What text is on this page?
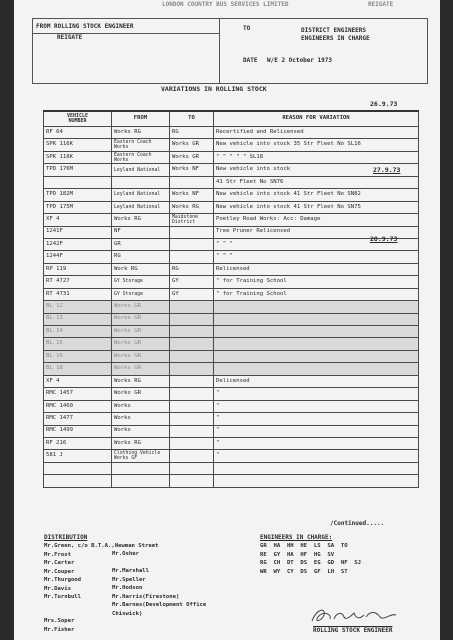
LONDON COUNTRY BUS SERVICES LIMITED	REIGATE
FROM ROLLING STOCK ENGINEER
REIGATE
TO	DISTRICT ENGINEERS
ENGINEERS IN CHARGE
DATE W/E 2 October 1973
VARIATIONS IN ROLLING STOCK
26.9.73
VEHICLE
NUMBER	FROM	TO	REASON FOR VARIATION
RF 64	Works RG	RG	Recertified and Relicensed
SPK 116K	Eastern Coach Works	Works GR	New vehicle into stock 35 Str Fleet No SL16
SPK 118K	Eastern Coach Works	Works GR	" " " " " SL18
TPD 176M	Leyland National	Works NF	New vehicle into stock
			41 Str Fleet No SN76
TPD 182M	Leyland National	Works NF	New vehicle into stock 41 Str Fleet No SN82
TPD 175M	Leyland National	Works RG	New vehicle into stock 41 Str Fleet No SN75
XF 4	Works RG	Maidstone District	Poetley Road Works: Acc: Damage
1241F	NF		Tree Pruner Relicensed
1242F	GR		" " "
1244F	RG		" " "
RP 119	Work RG	RG	Relicensed
RT 4727	GY Storage	GY	" for Training School
RT 4731	GY Storage	GY	" for Training School
BL 12	Works GR		
BL 13	Works GR		
BL 14	Works GR		
BL 15	Works GR		
BL 16	Works GR		
BL 18	Works GR		
XF 4	Works RG		Delicensed
RMC 1457	Works GR		"
RMC 1460	Works		"
RMC 1477	Works		"
RMC 1499	Works		"
RF 216	Works RG		"
581 J	Clothing Vehicle Works GF		"

27.9.73
28.9.73
/Continued.....
DISTRIBUTION
Mr.Green, c/o B.T.A.,Newman Street
Mr.Frost
Mr.Carter
Mr.Couper
Mr.Thurgood
Mr.Davis
Mr.Turnbull
Mr.Osher
Mr.Marshall
Mr.Speller
Mr.Hodson
Mr.Harris(Firestone)
Mr.Barnes(Development Office
Chiswick)
Mrs.Soper
Mr.Fisher
ENGINEERS IN CHARGE:
GR  HA  HH  HE  LS  SA  TO
RE  GY  HA  HF  HG  SV
RG  CH  DT  DS  EG  GD  NF  SJ
WR  WY  CY  DS  GF  LH  ST
ROLLING STOCK ENGINEER
